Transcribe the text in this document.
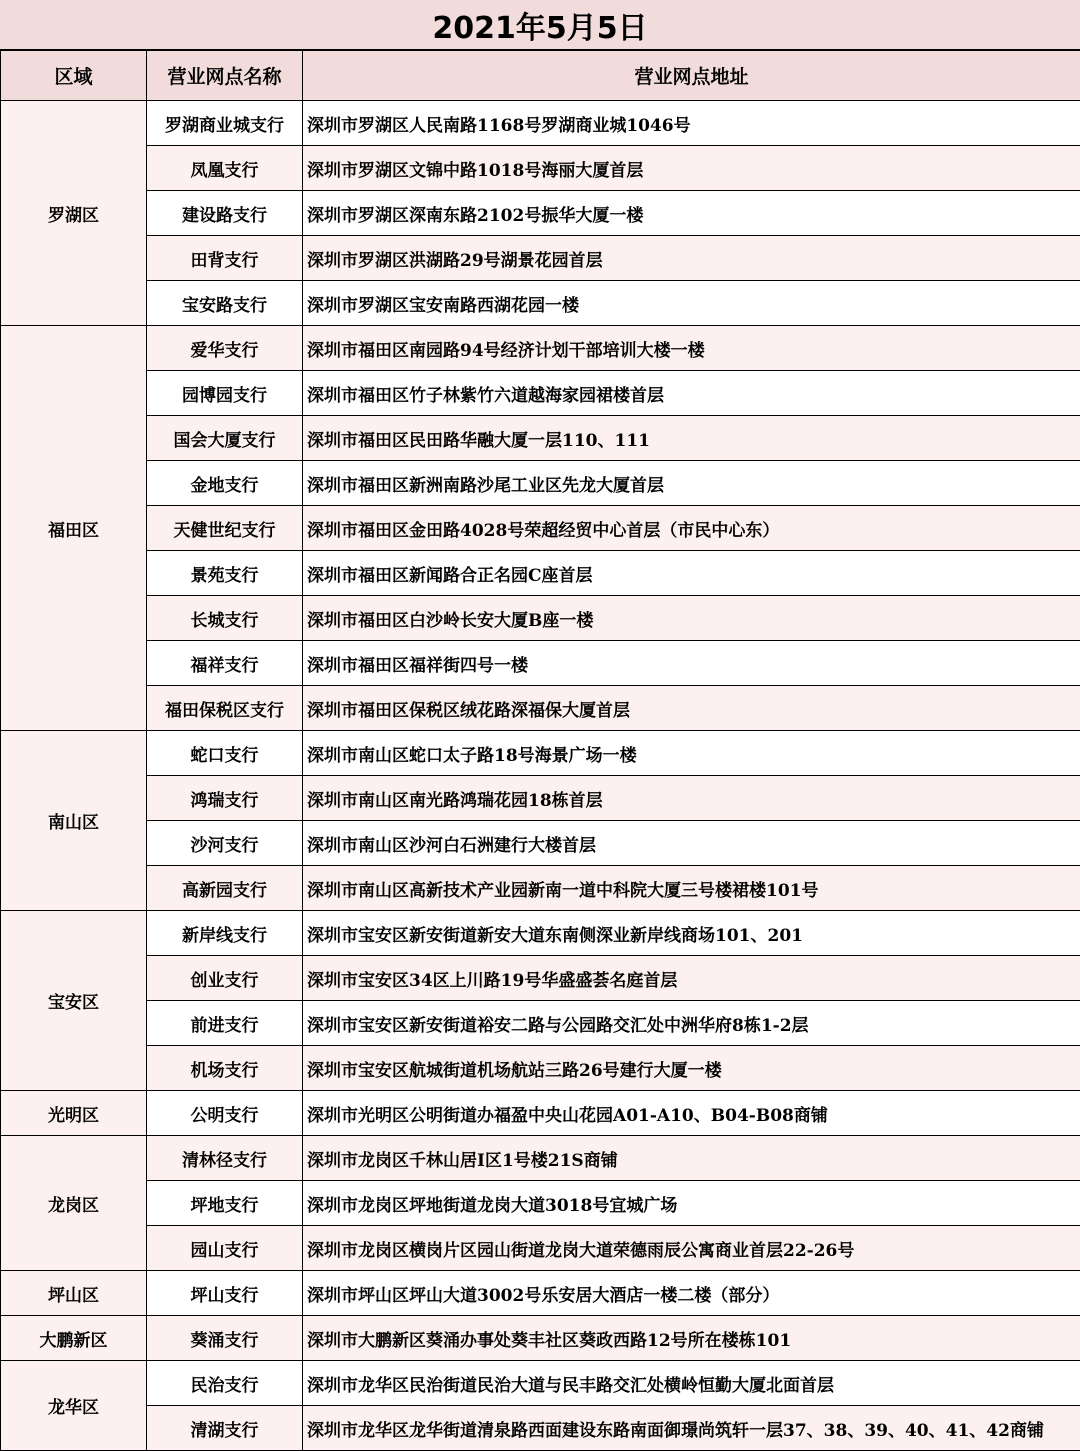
2021年5月5日
区域	营业网点名称	营业网点地址
罗湖区	罗湖商业城支行	深圳市罗湖区人民南路1168号罗湖商业城1046号
	凤凰支行	深圳市罗湖区文锦中路1018号海丽大厦首层
	建设路支行	深圳市罗湖区深南东路2102号振华大厦一楼
	田背支行	深圳市罗湖区洪湖路29号湖景花园首层
	宝安路支行	深圳市罗湖区宝安南路西湖花园一楼
福田区	爱华支行	深圳市福田区南园路94号经济计划干部培训大楼一楼
	园博园支行	深圳市福田区竹子林紫竹六道越海家园裙楼首层
	国会大厦支行	深圳市福田区民田路华融大厦一层110、111
	金地支行	深圳市福田区新洲南路沙尾工业区先龙大厦首层
	天健世纪支行	深圳市福田区金田路4028号荣超经贸中心首层（市民中心东）
	景苑支行	深圳市福田区新闻路合正名园C座首层
	长城支行	深圳市福田区白沙岭长安大厦B座一楼
	福祥支行	深圳市福田区福祥街四号一楼
	福田保税区支行	深圳市福田区保税区绒花路深福保大厦首层
南山区	蛇口支行	深圳市南山区蛇口太子路18号海景广场一楼
	鸿瑞支行	深圳市南山区南光路鸿瑞花园18栋首层
	沙河支行	深圳市南山区沙河白石洲建行大楼首层
	高新园支行	深圳市南山区高新技术产业园新南一道中科院大厦三号楼裙楼101号
宝安区	新岸线支行	深圳市宝安区新安街道新安大道东南侧深业新岸线商场101、201
	创业支行	深圳市宝安区34区上川路19号华盛盛荟名庭首层
	前进支行	深圳市宝安区新安街道裕安二路与公园路交汇处中洲华府8栋1-2层
	机场支行	深圳市宝安区航城街道机场航站三路26号建行大厦一楼
光明区	公明支行	深圳市光明区公明街道办福盈中央山花园A01-A10、B04-B08商铺
龙岗区	清林径支行	深圳市龙岗区千林山居I区1号楼21S商铺
	坪地支行	深圳市龙岗区坪地街道龙岗大道3018号宜城广场
	园山支行	深圳市龙岗区横岗片区园山街道龙岗大道荣德雨辰公寓商业首层22-26号
坪山区	坪山支行	深圳市坪山区坪山大道3002号乐安居大酒店一楼二楼（部分）
大鹏新区	葵涌支行	深圳市大鹏新区葵涌办事处葵丰社区葵政西路12号所在楼栋101
龙华区	民治支行	深圳市龙华区民治街道民治大道与民丰路交汇处横岭恒勤大厦北面首层
	清湖支行	深圳市龙华区龙华街道清泉路西面建设东路南面御璟尚筑轩一层37、38、39、40、41、42商铺
